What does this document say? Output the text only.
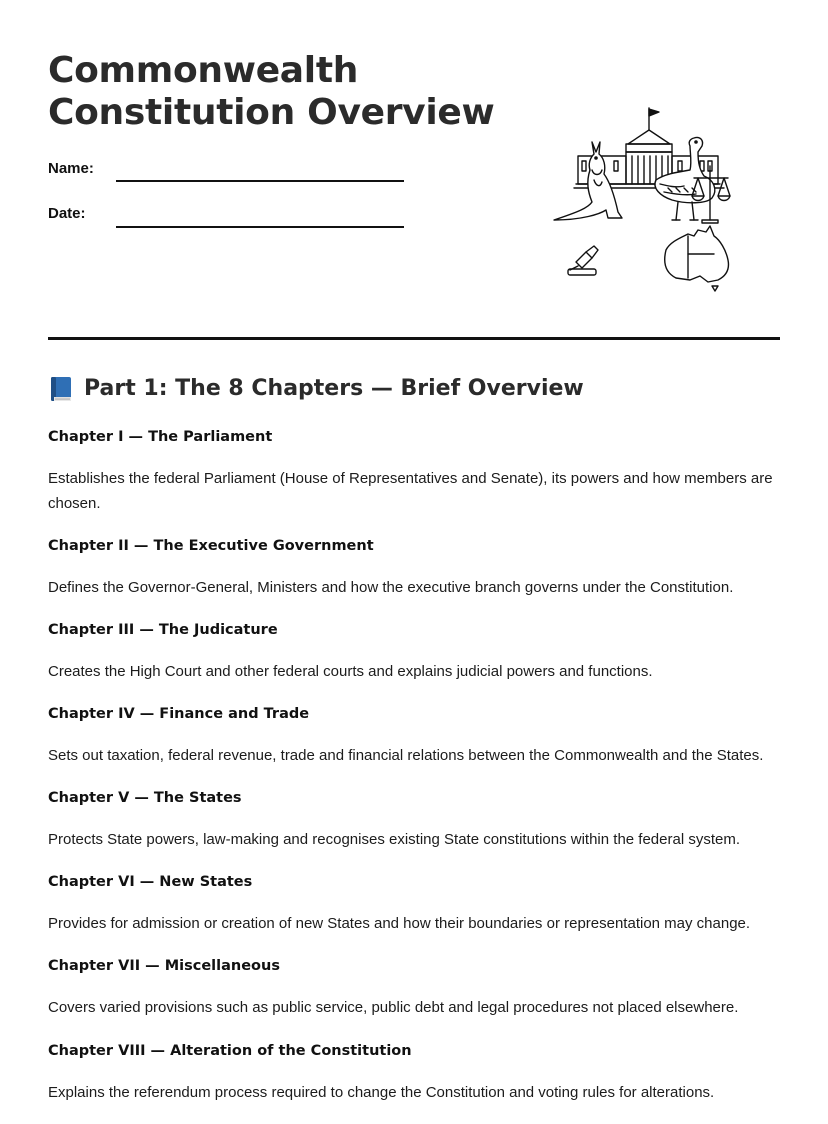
Commonwealth
Constitution Overview
Name:
Date:
Part 1: The 8 Chapters — Brief Overview

Chapter I — The Parliament

Establishes the federal Parliament (House of Representatives and Senate), its powers and how members are chosen.

Chapter II — The Executive Government

Defines the Governor-General, Ministers and how the executive branch governs under the Constitution.

Chapter III — The Judicature

Creates the High Court and other federal courts and explains judicial powers and functions.

Chapter IV — Finance and Trade

Sets out taxation, federal revenue, trade and financial relations between the Commonwealth and the States.

Chapter V — The States

Protects State powers, law-making and recognises existing State constitutions within the federal system.

Chapter VI — New States

Provides for admission or creation of new States and how their boundaries or representation may change.

Chapter VII — Miscellaneous

Covers varied provisions such as public service, public debt and legal procedures not placed elsewhere.

Chapter VIII — Alteration of the Constitution

Explains the referendum process required to change the Constitution and voting rules for alterations.
